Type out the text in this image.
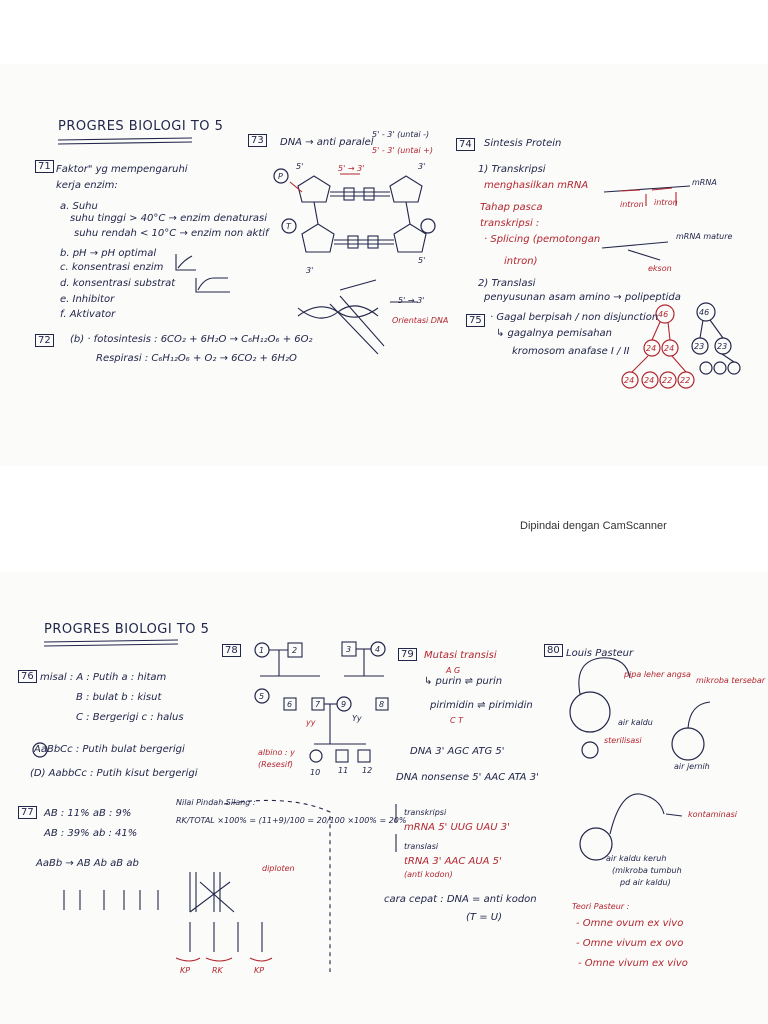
PROGRES BIOLOGI TO 5
71 Faktor" yg mempengaruhi
kerja enzim:
a. Suhu
suhu tinggi > 40°C → enzim denaturasi
suhu rendah < 10°C → enzim non aktif
b. pH → pH optimal
c. konsentrasi enzim
d. konsentrasi substrat
e. Inhibitor
f. Aktivator
72	(b) · fotosintesis : 6CO₂ + 6H₂O → C₆H₁₂O₆ + 6O₂
Respirasi : C₆H₁₂O₆ + O₂ → 6CO₂ + 6H₂O
73	DNA → anti paralel
5' - 3' (untai -)
5' - 3' (untai +)
5'	3'
5' → 3'
P
T
3'
5'
5' → 3'
Orientasi DNA
74	Sintesis Protein
1) Transkripsi
menghasilkan mRNA
Tahap pasca
transkripsi :
· Splicing (pemotongan
intron)
2) Translasi
penyusunan asam amino → polipeptida
mRNA
intron intron
mRNA mature
ekson
75 · Gagal berpisah / non disjunction
↳ gagalnya pemisahan
kromosom anafase I / II
46	46
24 24 23 23
24 24 22 22
Dipindai dengan CamScanner
PROGRES BIOLOGI TO 5
76 misal : A : Putih a : hitam
B : bulat b : kisut
C : Bergerigi c : halus
AaBbCc : Putih bulat bergerigi
(D) AabbCc : Putih kisut bergerigi
77	AB : 11% aB : 9%
AB : 39% ab : 41%
Nilai Pindah Silang :
RK/TOTAL ×100% = (11+9)/100 = 20/100 ×100% = 20%
AaBb → AB Ab aB ab	diploten
KP	RK	KP
78
albino : y
(Resesif)
1	2	3	4
5
6	7	8
9
10 11 12
yy	Yy
79	Mutasi transisi
↳ purin ⇌ purin
A G
pirimidin ⇌ pirimidin
C T
DNA 3' AGC ATG 5'
DNA nonsense 5' AAC ATA 3'
transkripsi
mRNA 5' UUG UAU 3'
translasi
tRNA 3' AAC AUA 5'
(anti kodon)
cara cepat : DNA = anti kodon
(T = U)
80 Louis Pasteur
pipa leher angsa
mikroba tersebar
air kaldu
sterilisasi
air jernih
kontaminasi
air kaldu keruh
(mikroba tumbuh
pd air kaldu)
Teori Pasteur :
- Omne ovum ex vivo
- Omne vivum ex ovo
- Omne vivum ex vivo
